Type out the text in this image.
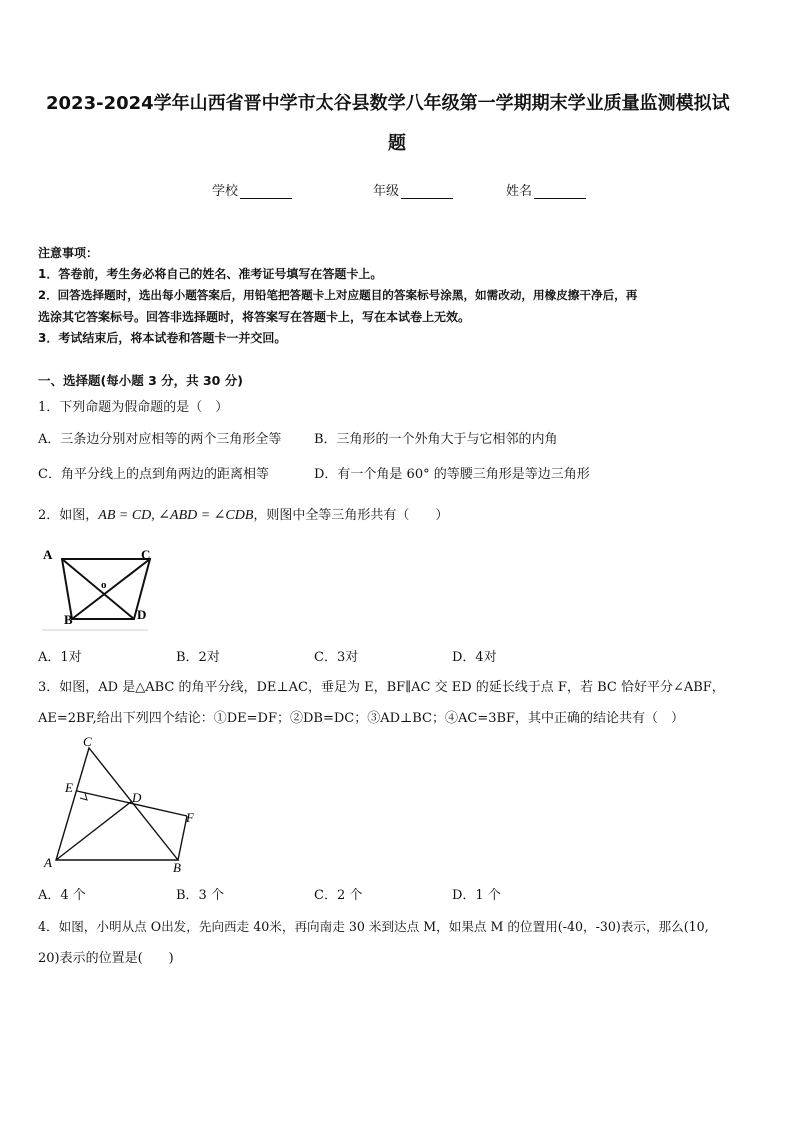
2023-2024学年山西省晋中学市太谷县数学八年级第一学期期末学业质量监测模拟试
题
学校	年级	姓名
注意事项：
1．答卷前，考生务必将自己的姓名、准考证号填写在答题卡上。
2．回答选择题时，选出每小题答案后，用铅笔把答题卡上对应题目的答案标号涂黑，如需改动，用橡皮擦干净后，再
选涂其它答案标号。回答非选择题时，将答案写在答题卡上，写在本试卷上无效。
3．考试结束后，将本试卷和答题卡一并交回。
一、选择题(每小题 3 分，共 30 分)
1．下列命题为假命题的是（　）
A．三条边分别对应相等的两个三角形全等	B．三角形的一个外角大于与它相邻的内角
C．角平分线上的点到角两边的距离相等	D．有一个角是 60° 的等腰三角形是等边三角形
2．如图，AB = CD, ∠ABD = ∠CDB，则图中全等三角形共有（　　）
A	C
B	D
o
A．1对	B．2对	C．3对	D．4对
3．如图，AD 是△ABC 的角平分线，DE⊥AC，垂足为 E，BF∥AC 交 ED 的延长线于点 F，若 BC 恰好平分∠ABF，
AE=2BF,给出下列四个结论：①DE=DF；②DB=DC；③AD⊥BC；④AC=3BF，其中正确的结论共有（　）
C
E
D
F
A	B
A．4 个	B．3 个	C．2 个	D．1 个
4．如图，小明从点 O出发，先向西走 40米，再向南走 30 米到达点 M，如果点 M 的位置用(-40，-30)表示，那么(10,
20)表示的位置是(　　)
